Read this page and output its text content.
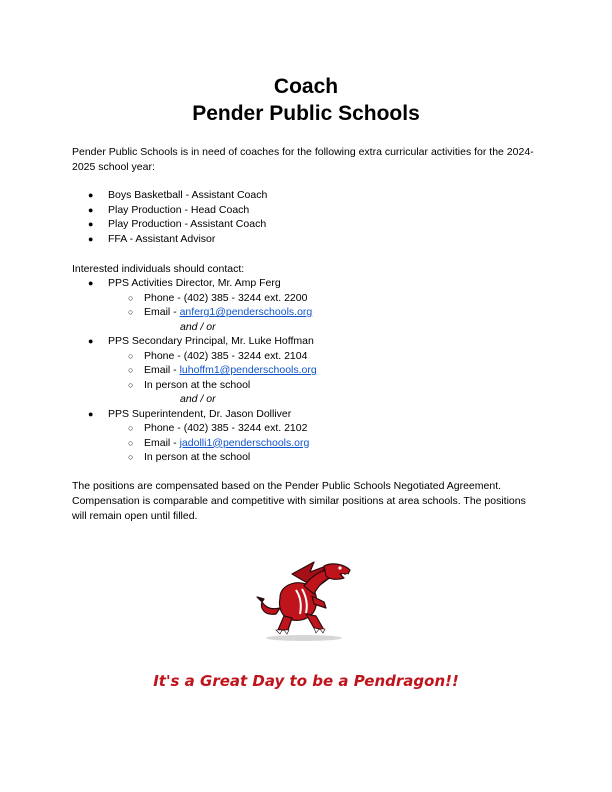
Coach
Pender Public Schools
Pender Public Schools is in need of coaches for the following extra curricular activities for the 2024-2025 school year:
● Boys Basketball - Assistant Coach
● Play Production - Head Coach
● Play Production - Assistant Coach
● FFA - Assistant Advisor
Interested individuals should contact:
● PPS Activities Director, Mr. Amp Ferg
○ Phone - (402) 385 - 3244 ext. 2200
○ Email - anferg1@penderschools.org
and / or
● PPS Secondary Principal, Mr. Luke Hoffman
○ Phone - (402) 385 - 3244 ext. 2104
○ Email - luhoffm1@penderschools.org
○ In person at the school
and / or
● PPS Superintendent, Dr. Jason Dolliver
○ Phone - (402) 385 - 3244 ext. 2102
○ Email - jadolli1@penderschools.org
○ In person at the school
The positions are compensated based on the Pender Public Schools Negotiated Agreement. Compensation is comparable and competitive with similar positions at area schools. The positions will remain open until filled.
It's a Great Day to be a Pendragon!!
